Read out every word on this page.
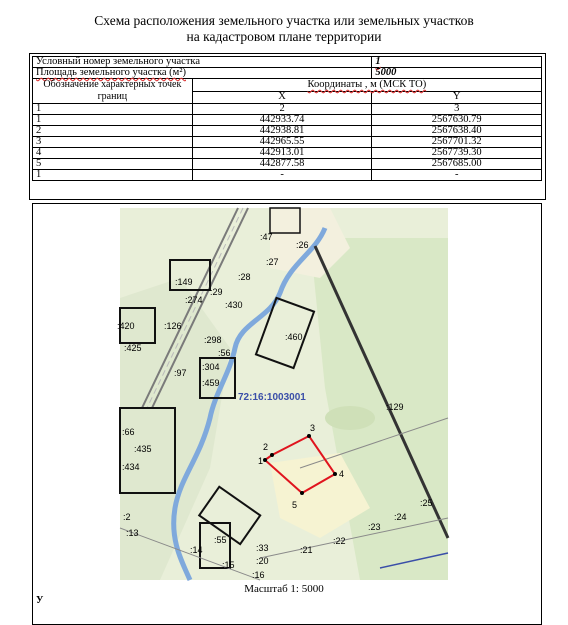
Схема расположения земельного участка или земельных участков
на кадастровом плане территории
Условный номер земельного участка		1
Площадь земельного участка (м²)		5000
Обозначение характерных точек границ	Координаты , м (МСК ТО)	
	X	Y
1	2	3
1	442933.74	2567630.79
2	442938.81	2567638.40
3	442965.55	2567701.32
4	442913.01	2567739.30
5	442877.58	2567685.00
1	-	-
1
2
3
4
5
72:16:1003001
:47
:26
:27
:28
:149
:29
:274 :430
:420	:126
:460
:298
:56
:425
:304
:97
:459
:129
:66
:435
:434
:25
:24
:23
:22
:21
:13
:55
:14	:33
:20
:15
:16
:2
Масштаб 1: 5000
У
